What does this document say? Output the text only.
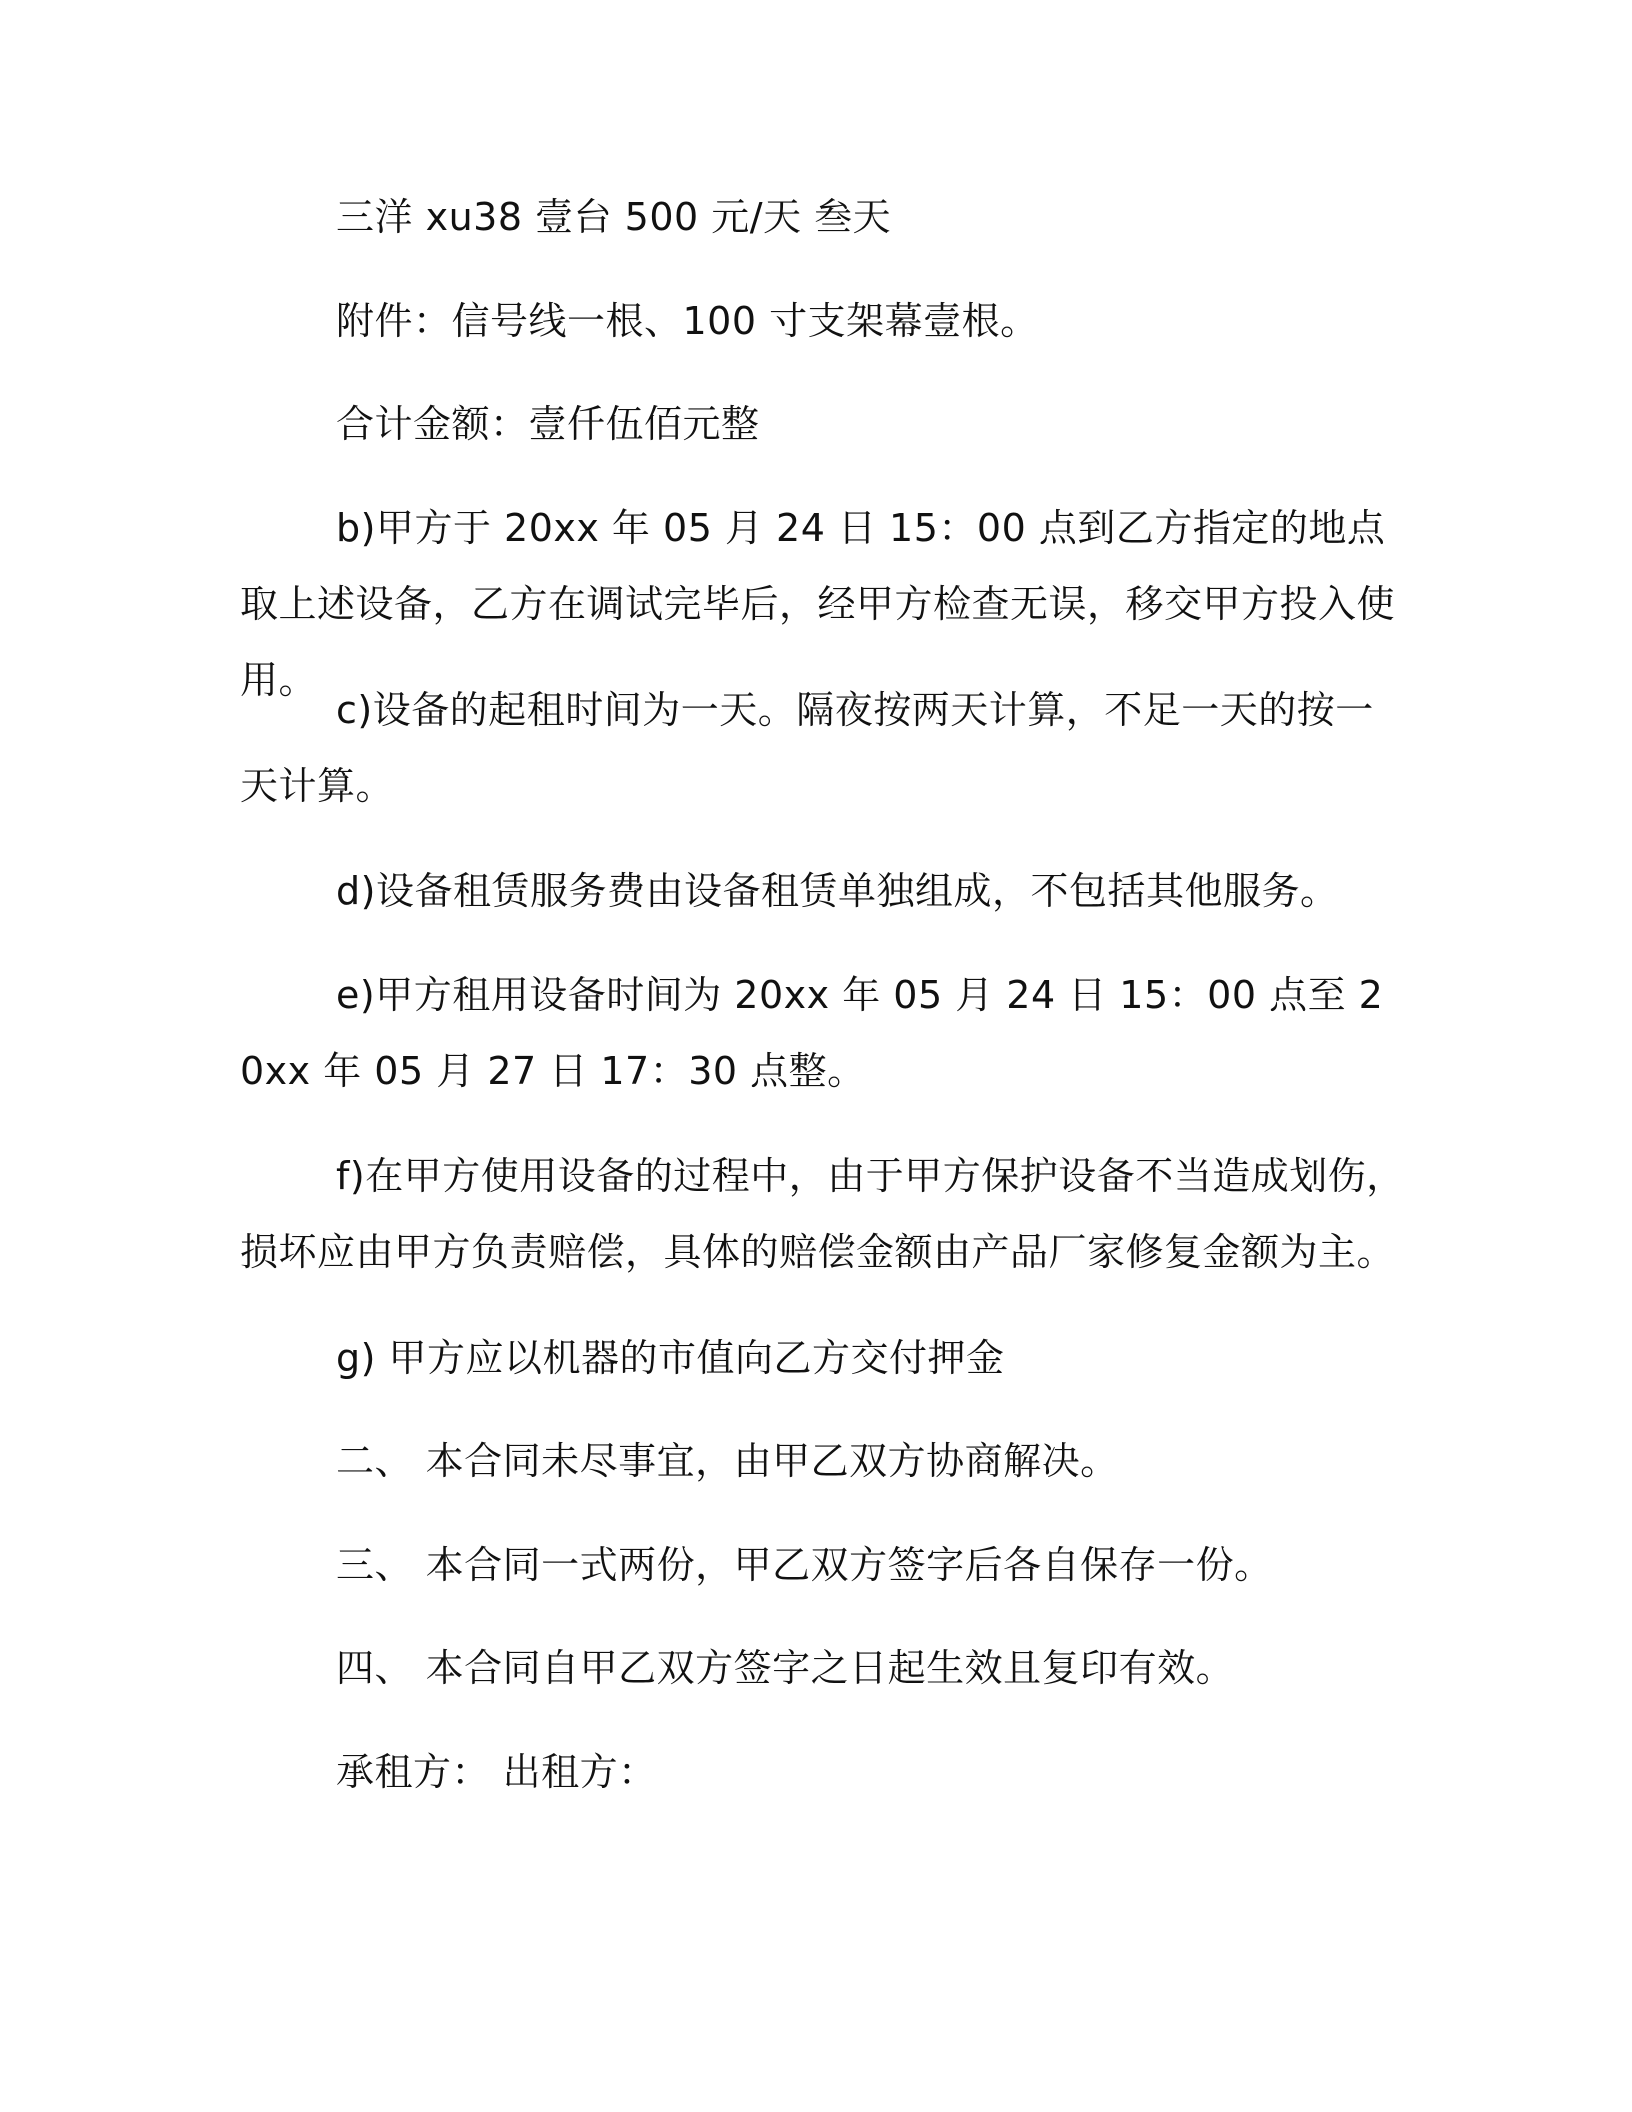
三洋 xu38 壹台 500 元/天 叁天

附件：信号线一根、100 寸支架幕壹根。

合计金额：壹仟伍佰元整

b)甲方于 20xx 年 05 月 24 日 15：00 点到乙方指定的地点取上述设备，乙方在调试完毕后，经甲方检查无误，移交甲方投入使用。

c)设备的起租时间为一天。隔夜按两天计算，不足一天的按一天计算。

d)设备租赁服务费由设备租赁单独组成，不包括其他服务。

e)甲方租用设备时间为 20xx 年 05 月 24 日 15：00 点至 20xx 年 05 月 27 日 17：30 点整。

f)在甲方使用设备的过程中，由于甲方保护设备不当造成划伤，损坏应由甲方负责赔偿，具体的赔偿金额由产品厂家修复金额为主。

g) 甲方应以机器的市值向乙方交付押金

二、 本合同未尽事宜，由甲乙双方协商解决。

三、 本合同一式两份，甲乙双方签字后各自保存一份。

四、 本合同自甲乙双方签字之日起生效且复印有效。

承租方： 出租方：
